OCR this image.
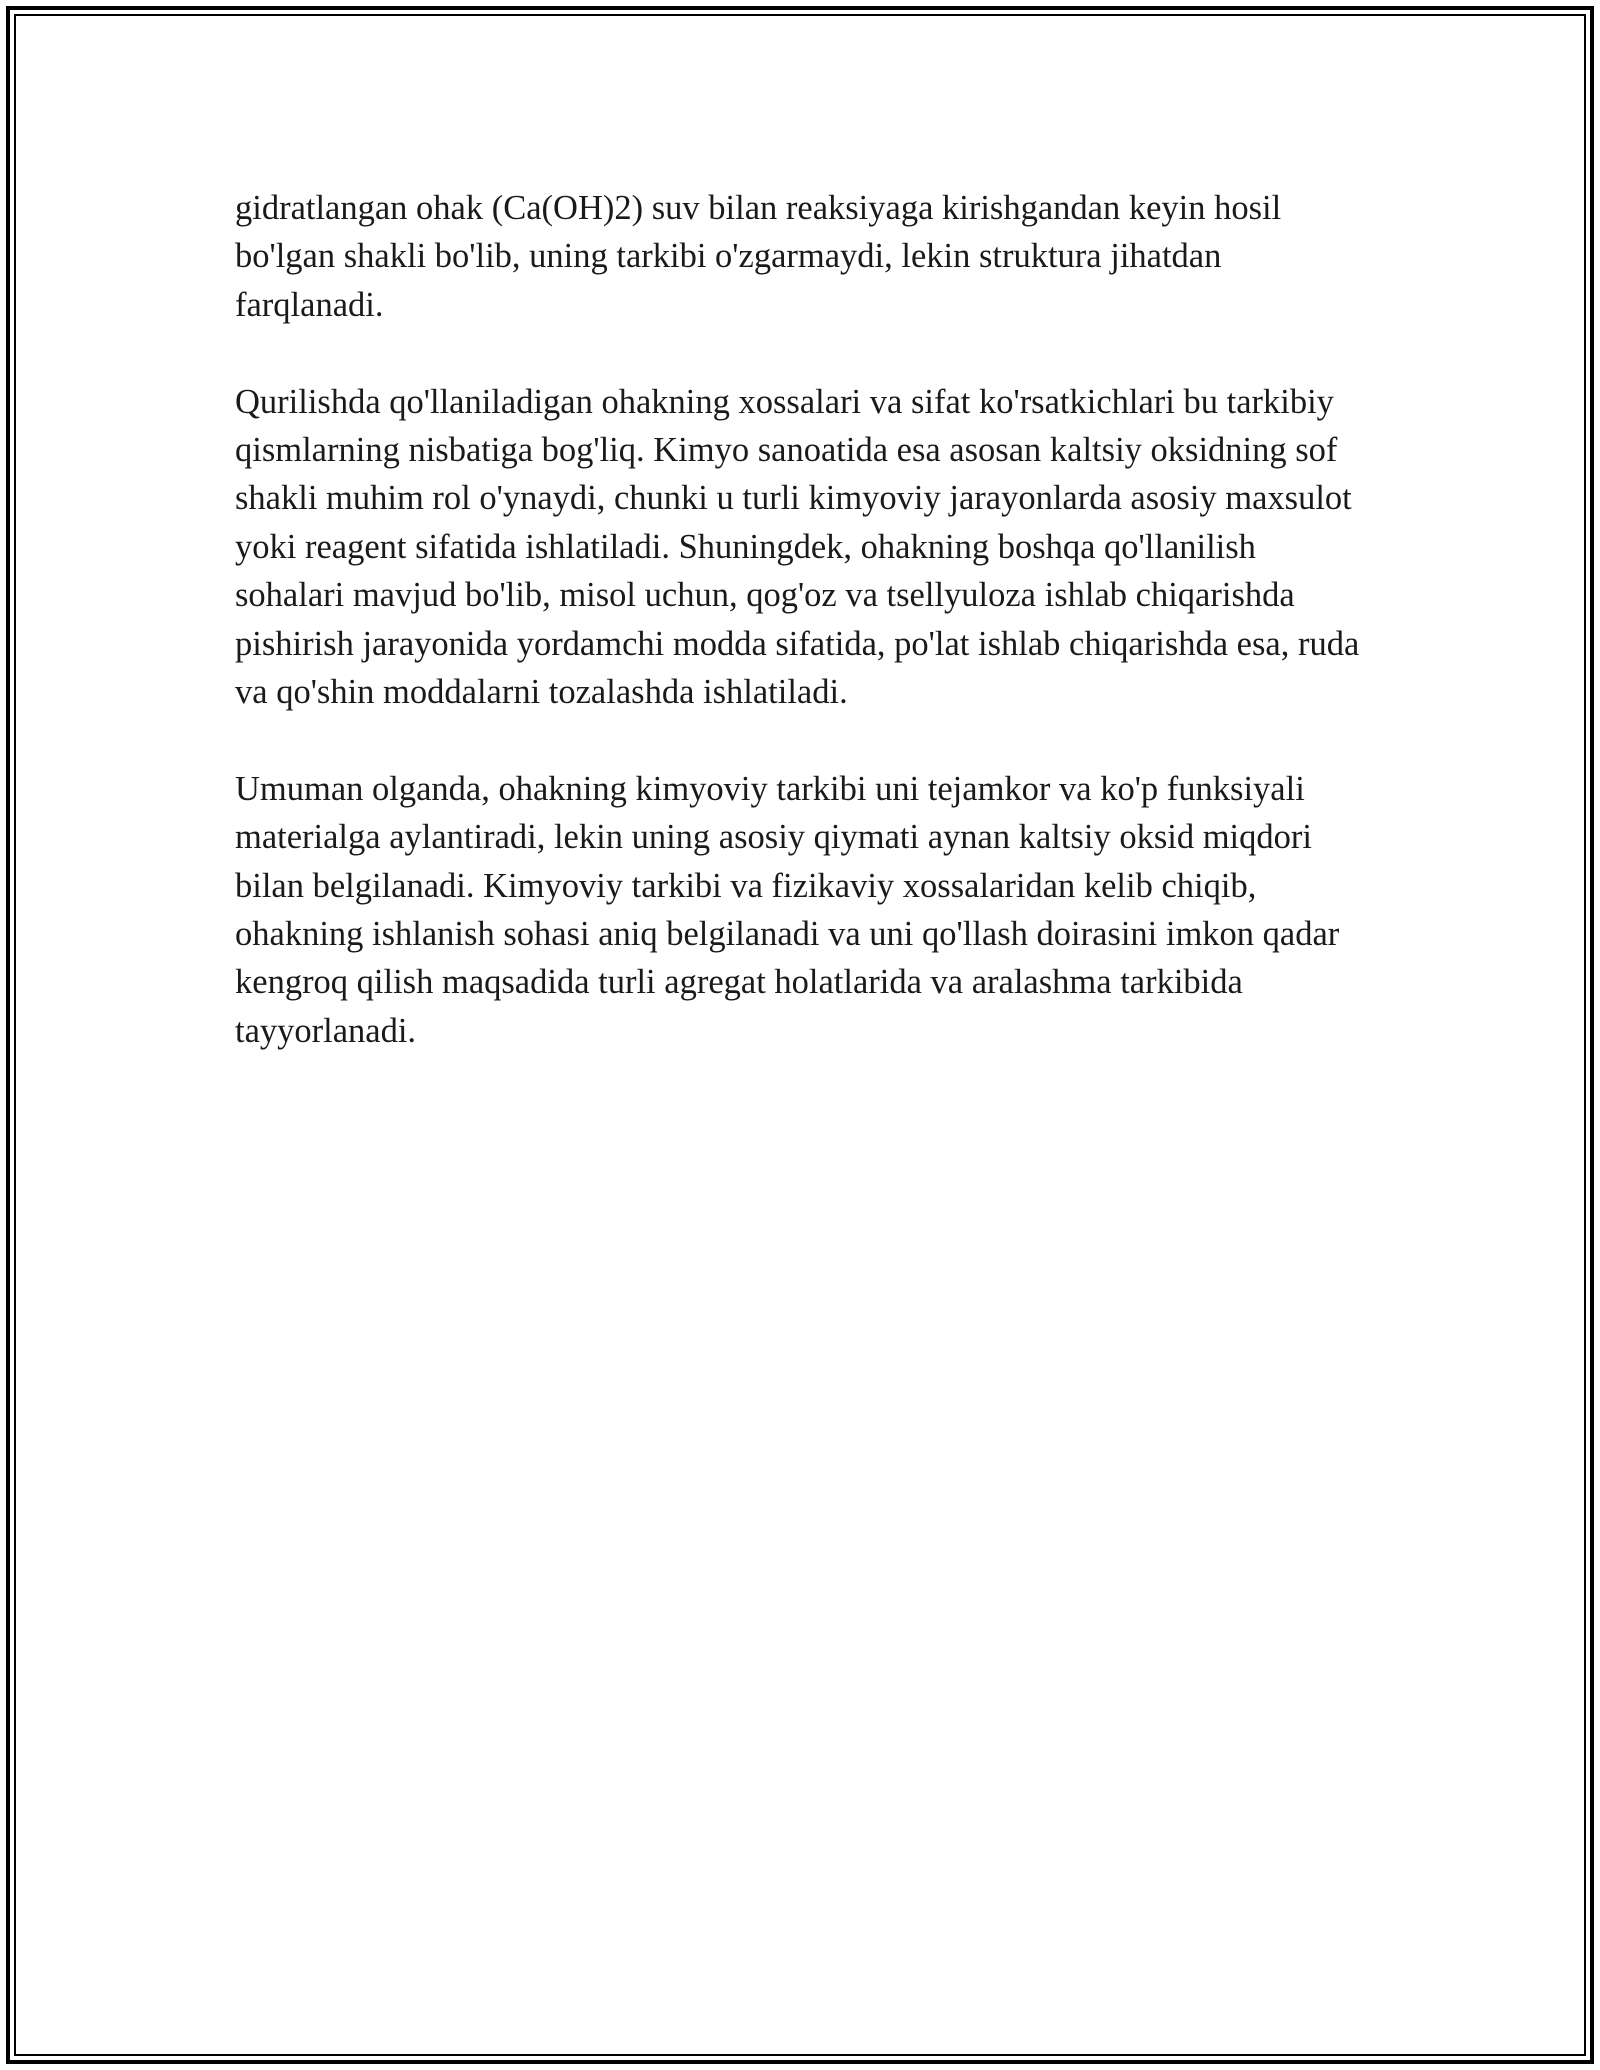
gidratlangan ohak (Ca(OH)2) suv bilan reaksiyaga kirishgandan keyin hosil bo'lgan shakli bo'lib, uning tarkibi o'zgarmaydi, lekin struktura jihatdan farqlanadi.

Qurilishda qo'llaniladigan ohakning xossalari va sifat ko'rsatkichlari bu tarkibiy qismlarning nisbatiga bog'liq. Kimyo sanoatida esa asosan kaltsiy oksidning sof shakli muhim rol o'ynaydi, chunki u turli kimyoviy jarayonlarda asosiy maxsulot yoki reagent sifatida ishlatiladi. Shuningdek, ohakning boshqa qo'llanilish sohalari mavjud bo'lib, misol uchun, qog'oz va tsellyuloza ishlab chiqarishda pishirish jarayonida yordamchi modda sifatida, po'lat ishlab chiqarishda esa, ruda va qo'shin moddalarni tozalashda ishlatiladi.

Umuman olganda, ohakning kimyoviy tarkibi uni tejamkor va ko'p funksiyali materialga aylantiradi, lekin uning asosiy qiymati aynan kaltsiy oksid miqdori bilan belgilanadi. Kimyoviy tarkibi va fizikaviy xossalaridan kelib chiqib, ohakning ishlanish sohasi aniq belgilanadi va uni qo'llash doirasini imkon qadar kengroq qilish maqsadida turli agregat holatlarida va aralashma tarkibida tayyorlanadi.
